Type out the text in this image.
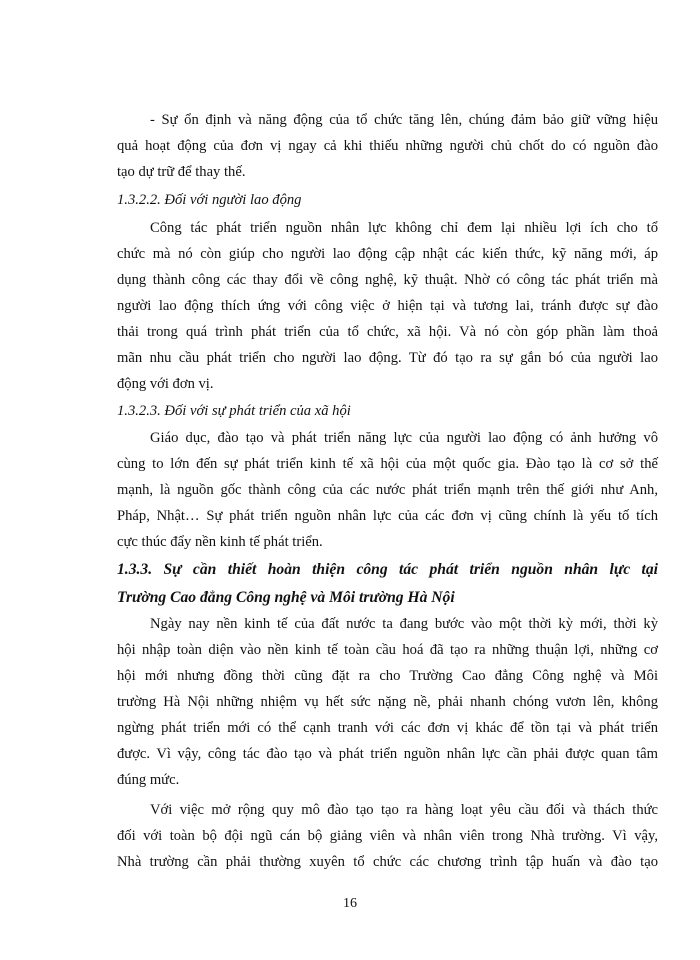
- Sự ổn định và năng động của tổ chức tăng lên, chúng đảm bảo giữ vững hiệu
quả hoạt động của đơn vị ngay cả khi thiếu những người chủ chốt do có nguồn đào
tạo dự trữ để thay thế.
1.3.2.2. Đối với người lao động
Công tác phát triển nguồn nhân lực không chỉ đem lại nhiều lợi ích cho tổ
chức mà nó còn giúp cho người lao động cập nhật các kiến thức, kỹ năng mới, áp
dụng thành công các thay đổi về công nghệ, kỹ thuật. Nhờ có công tác phát triển mà
người lao động thích ứng với công việc ở hiện tại và tương lai, tránh được sự đào
thải trong quá trình phát triển của tổ chức, xã hội. Và nó còn góp phần làm thoả
mãn nhu cầu phát triển cho người lao động. Từ đó tạo ra sự gắn bó của người lao
động với đơn vị.
1.3.2.3. Đối với sự phát triển của xã hội
Giáo dục, đào tạo và phát triển năng lực của người lao động có ảnh hưởng vô
cùng to lớn đến sự phát triển kinh tế xã hội của một quốc gia. Đào tạo là cơ sở thế
mạnh, là nguồn gốc thành công của các nước phát triển mạnh trên thế giới như Anh,
Pháp, Nhật… Sự phát triển nguồn nhân lực của các đơn vị cũng chính là yếu tố tích
cực thúc đẩy nền kinh tế phát triển.
1.3.3. Sự cần thiết hoàn thiện công tác phát triển nguồn nhân lực tại
Trường Cao đẳng Công nghệ và Môi trường Hà Nội
Ngày nay nền kinh tế của đất nước ta đang bước vào một thời kỳ mới, thời kỳ
hội nhập toàn diện vào nền kinh tế toàn cầu hoá đã tạo ra những thuận lợi, những cơ
hội mới nhưng đồng thời cũng đặt ra cho Trường Cao đẳng Công nghệ và Môi
trường Hà Nội những nhiệm vụ hết sức nặng nề, phải nhanh chóng vươn lên, không
ngừng phát triển mới có thể cạnh tranh với các đơn vị khác để tồn tại và phát triển
được. Vì vậy, công tác đào tạo và phát triển nguồn nhân lực cần phải được quan tâm
đúng mức.
Với việc mở rộng quy mô đào tạo tạo ra hàng loạt yêu cầu đối và thách thức
đối với toàn bộ đội ngũ cán bộ giảng viên và nhân viên trong Nhà trường. Vì vậy,
Nhà trường cần phải thường xuyên tổ chức các chương trình tập huấn và đào tạo
16
